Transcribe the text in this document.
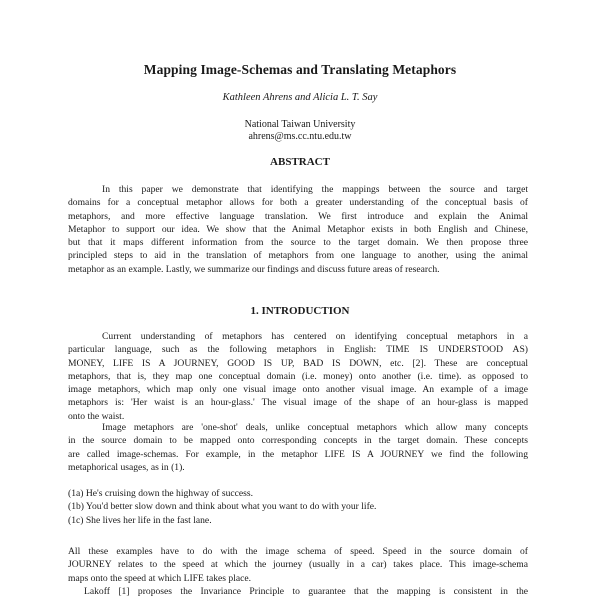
Mapping Image-Schemas and Translating Metaphors
Kathleen Ahrens and Alicia L. T. Say
National Taiwan University
ahrens@ms.cc.ntu.edu.tw
ABSTRACT
In this paper we demonstrate that identifying the mappings between the source and target
domains for a conceptual metaphor allows for both a greater understanding of the conceptual basis of
metaphors, and more effective language translation. We first introduce and explain the Animal
Metaphor to support our idea. We show that the Animal Metaphor exists in both English and Chinese,
but that it maps different information from the source to the target domain. We then propose three
principled steps to aid in the translation of metaphors from one language to another, using the animal
metaphor as an example. Lastly, we summarize our findings and discuss future areas of research.
1. INTRODUCTION
Current understanding of metaphors has centered on identifying conceptual metaphors in a
particular language, such as the following metaphors in English: TIME IS UNDERSTOOD AS)
MONEY, LIFE IS A JOURNEY, GOOD IS UP, BAD IS DOWN, etc. [2]. These are conceptual
metaphors, that is, they map one conceptual domain (i.e. money) onto another (i.e. time). as opposed to
image metaphors, which map only one visual image onto another visual image. An example of a image
metaphors is: 'Her waist is an hour-glass.' The visual image of the shape of an hour-glass is mapped
onto the waist.
Image metaphors are 'one-shot' deals, unlike conceptual metaphors which allow many concepts
in the source domain to be mapped onto corresponding concepts in the target domain. These concepts
are called image-schemas. For example, in the metaphor LIFE IS A JOURNEY we find the following
metaphorical usages, as in (1).
(1a) He's cruising down the highway of success.
(1b) You'd better slow down and think about what you want to do with your life.
(1c) She lives her life in the fast lane.
All these examples have to do with the image schema of speed. Speed in the source domain of
JOURNEY relates to the speed at which the journey (usually in a car) takes place. This image-schema
maps onto the speed at which LIFE takes place.
Lakoff [1] proposes the Invariance Principle to guarantee that the mapping is consistent in the
